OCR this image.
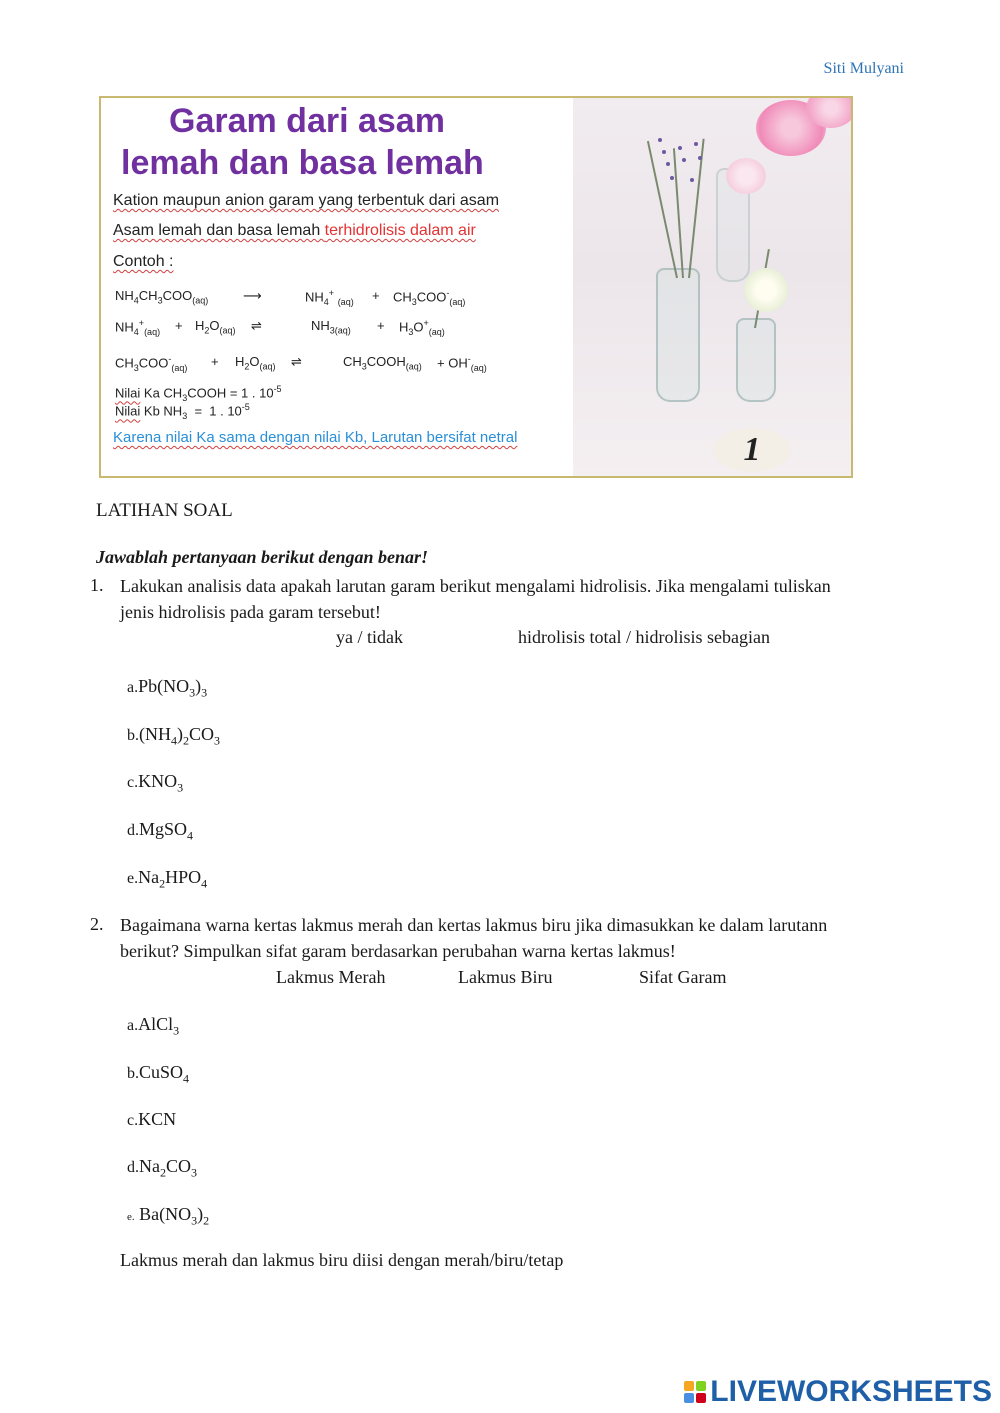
Siti Mulyani
1
Garam dari asam
lemah dan basa lemah
Kation maupun anion garam yang terbentuk dari asam
Asam lemah dan basa lemah terhidrolisis dalam air
Contoh :
$NH_4CH_3COO_{(aq)}$	⟶	$NH_4^+$ $_{(aq)} + CH_3COO^-_{(aq)}$
$NH_4^+_{(aq)} + H_2O_{(aq)}$ ⇌	$NH_{3(aq)} + H_3O^+_{(aq)}$
$CH_3COO^-_{(aq)} + H_2O_{(aq)}$ ⇌	$CH_3COOH_{(aq)} + OH^-_{(aq)}$
Nilai Ka $CH_3COOH = 1$ . $10^{-5}$
Nilai Kb $NH_3 = 1$ . $10^{-5}$
Karena nilai Ka sama dengan nilai Kb, Larutan bersifat netral
LATIHAN SOAL
Jawablah pertanyaan berikut dengan benar!
1. Lakukan analisis data apakah larutan garam berikut mengalami hidrolisis. Jika mengalami tuliskan jenis hidrolisis pada garam tersebut!
ya / tidak	hidrolisis total / hidrolisis sebagian
$a.Pb(NO_3)_3$
$b.(NH_4)_2CO_3$
$c.KNO_3$
d.MgSO$_4$
$e.Na_2HPO_4$
2. Bagaimana warna kertas lakmus merah dan kertas lakmus biru jika dimasukkan ke dalam larutann berikut? Simpulkan sifat garam berdasarkan perubahan warna kertas lakmus!
Lakmus Merah	Lakmus Biru	Sifat Garam
a.AlCl$_3$
b.CuSO$_4$
c.KCN
$d.Na_2CO_3$
e. $Ba(NO_3)_2$
Lakmus merah dan lakmus biru diisi dengan merah/biru/tetap
LIVEWORKSHEETS
